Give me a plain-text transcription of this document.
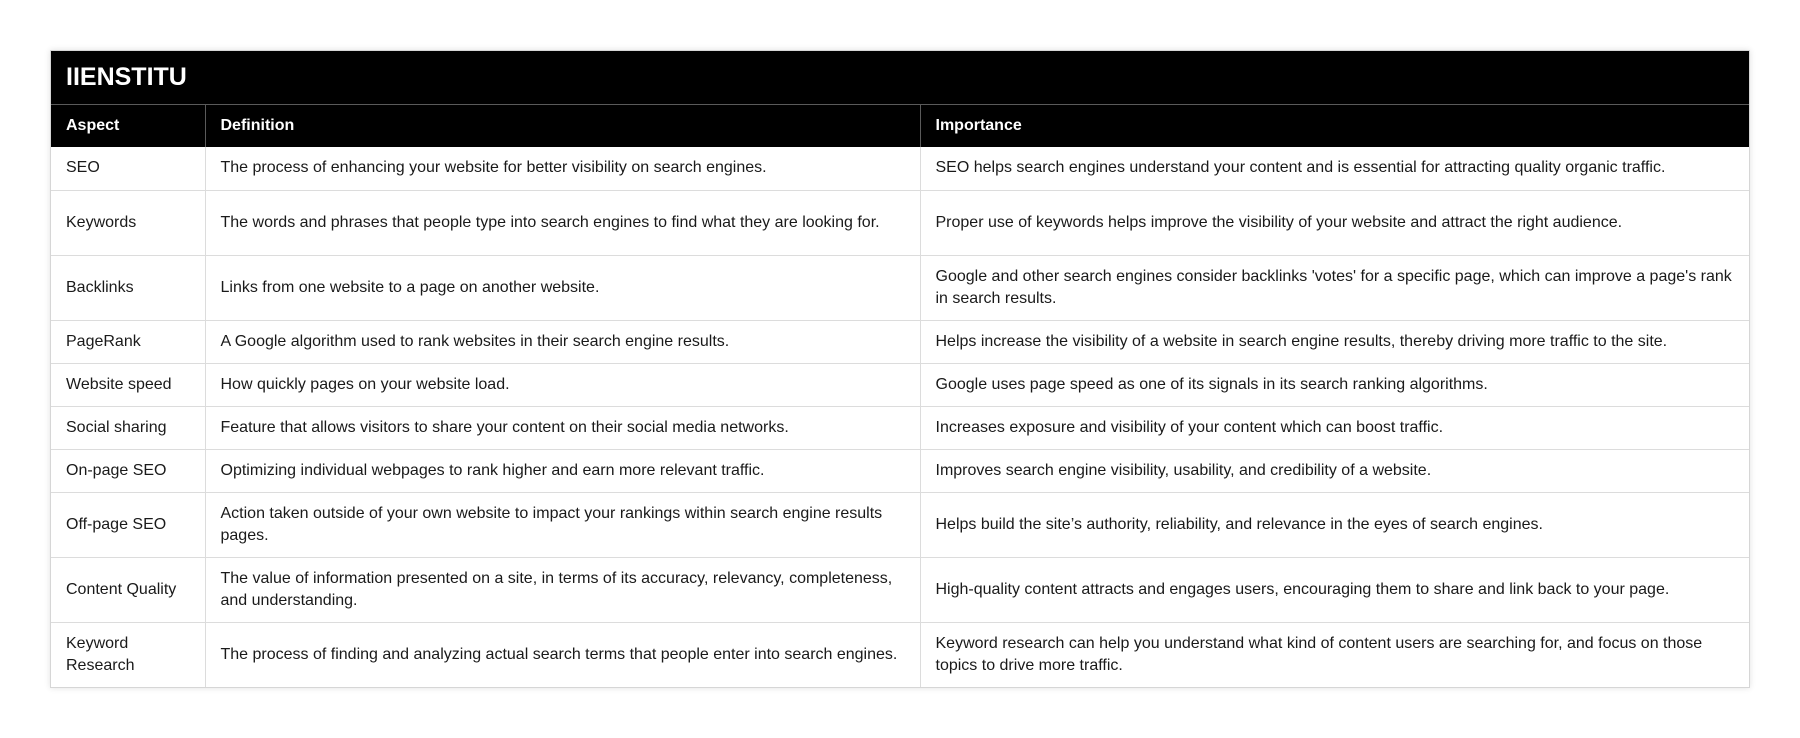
IIENSTITU
Aspect	Definition	Importance
SEO	The process of enhancing your website for better visibility on search engines.	SEO helps search engines understand your content and is essential for attracting quality organic traffic.
Keywords	The words and phrases that people type into search engines to find what they are looking for.	Proper use of keywords helps improve the visibility of your website and attract the right audience.
Backlinks	Links from one website to a page on another website.	Google and other search engines consider backlinks 'votes' for a specific page, which can improve a page's rank in search results.
PageRank	A Google algorithm used to rank websites in their search engine results.	Helps increase the visibility of a website in search engine results, thereby driving more traffic to the site.
Website speed	How quickly pages on your website load.	Google uses page speed as one of its signals in its search ranking algorithms.
Social sharing	Feature that allows visitors to share your content on their social media networks.	Increases exposure and visibility of your content which can boost traffic.
On-page SEO	Optimizing individual webpages to rank higher and earn more relevant traffic.	Improves search engine visibility, usability, and credibility of a website.
Off-page SEO	Action taken outside of your own website to impact your rankings within search engine results pages.	Helps build the site’s authority, reliability, and relevance in the eyes of search engines.
Content Quality	The value of information presented on a site, in terms of its accuracy, relevancy, completeness, and understanding.	High-quality content attracts and engages users, encouraging them to share and link back to your page.
Keyword Research	The process of finding and analyzing actual search terms that people enter into search engines.	Keyword research can help you understand what kind of content users are searching for, and focus on those topics to drive more traffic.
